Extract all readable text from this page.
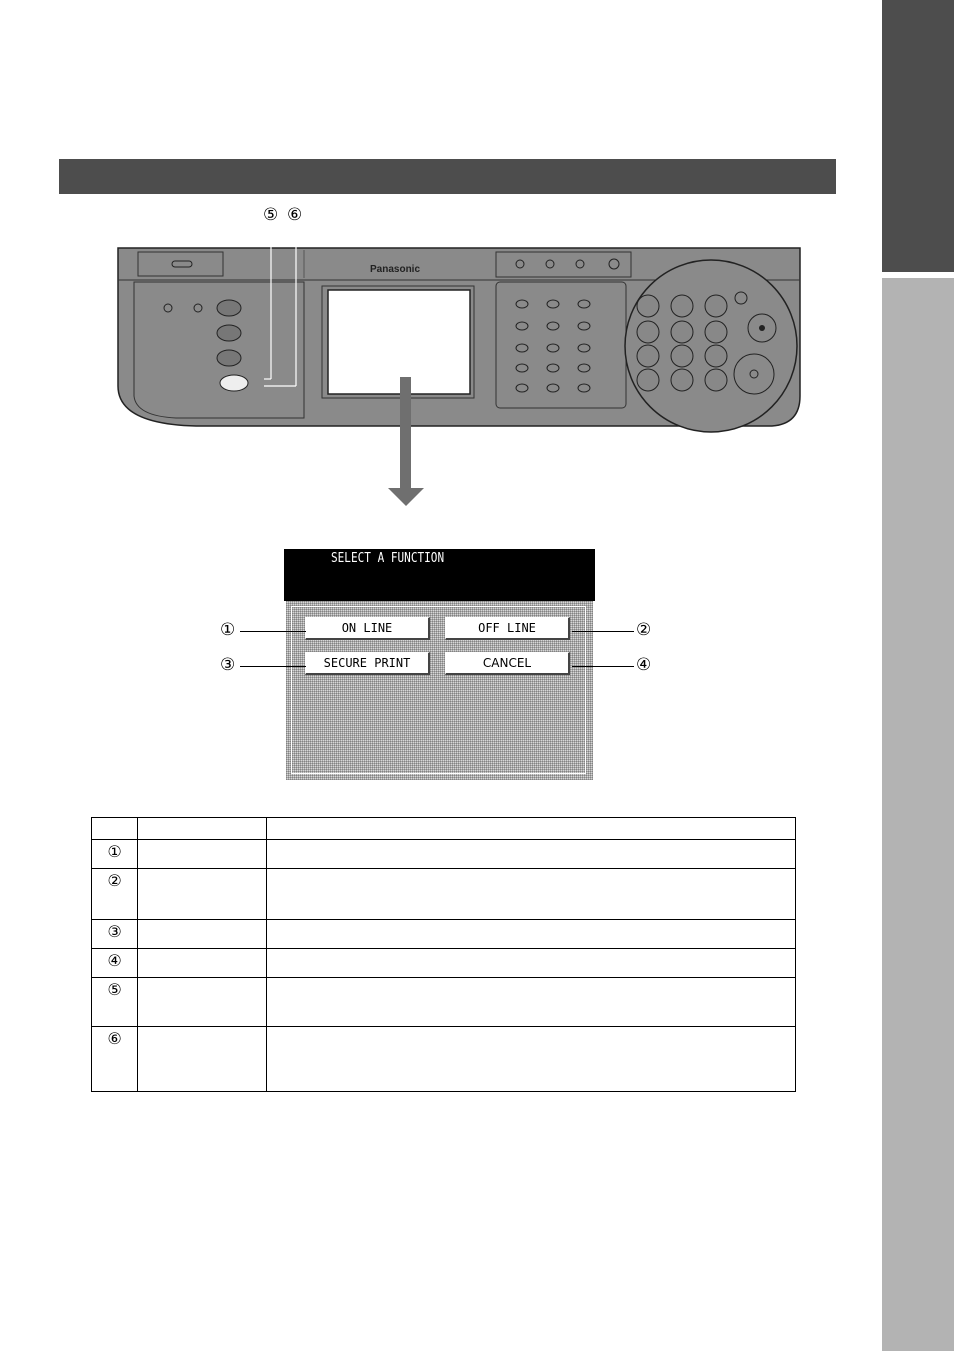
⑤ ⑥
Panasonic
SELECT A FUNCTION
ON LINE	OFF LINE
SECURE PRINT	CANCEL
①
③
②
④

①		
②		
③		
④		
⑤		
⑥		
